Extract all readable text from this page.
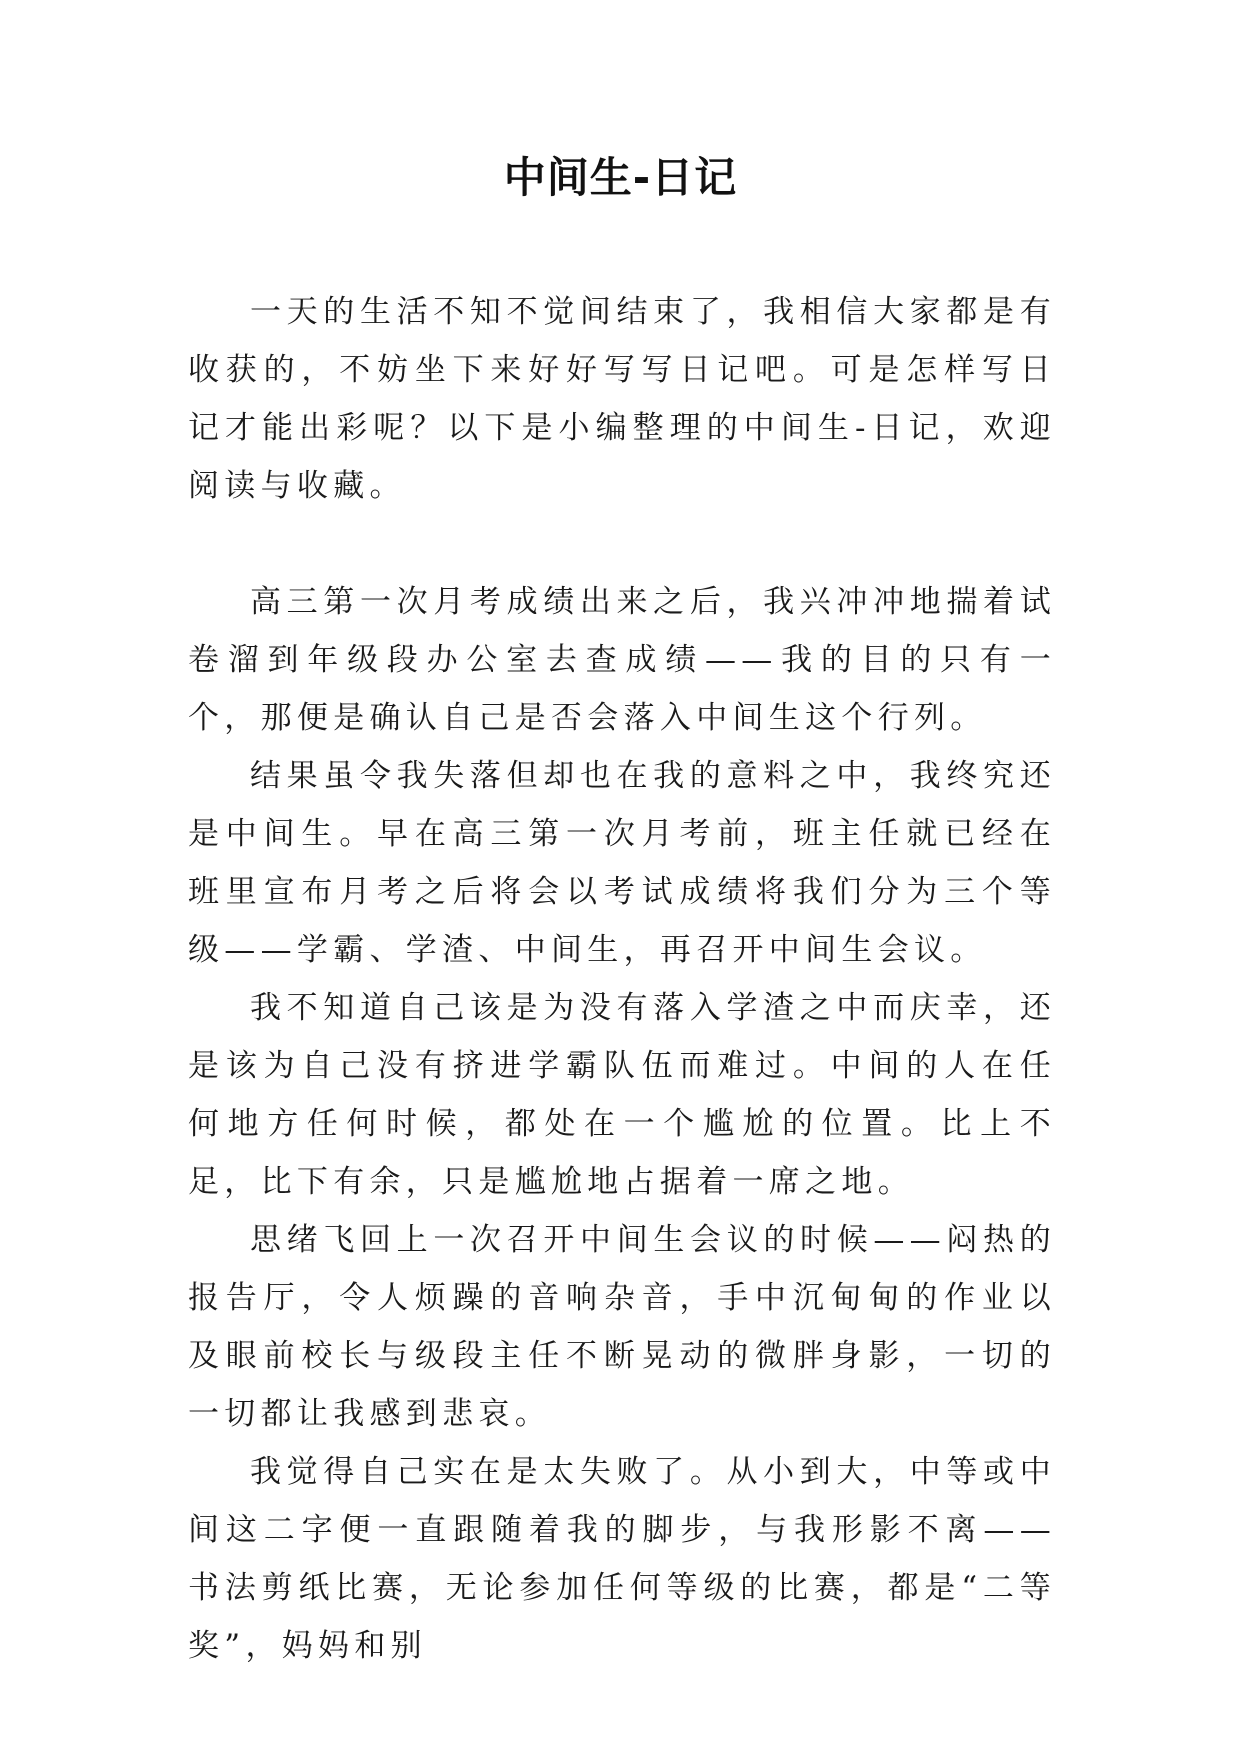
中间生-日记

一天的生活不知不觉间结束了，我相信大家都是有收获的，不妨坐下来好好写写日记吧。可是怎样写日记才能出彩呢？以下是小编整理的中间生-日记，欢迎阅读与收藏。

高三第一次月考成绩出来之后，我兴冲冲地揣着试卷溜到年级段办公室去查成绩——我的目的只有一个，那便是确认自己是否会落入中间生这个行列。

结果虽令我失落但却也在我的意料之中，我终究还是中间生。早在高三第一次月考前，班主任就已经在班里宣布月考之后将会以考试成绩将我们分为三个等级——学霸、学渣、中间生，再召开中间生会议。

我不知道自己该是为没有落入学渣之中而庆幸，还是该为自己没有挤进学霸队伍而难过。中间的人在任何地方任何时候，都处在一个尴尬的位置。比上不足，比下有余，只是尴尬地占据着一席之地。

思绪飞回上一次召开中间生会议的时候——闷热的报告厅，令人烦躁的音响杂音，手中沉甸甸的作业以及眼前校长与级段主任不断晃动的微胖身影，一切的一切都让我感到悲哀。

我觉得自己实在是太失败了。从小到大，中等或中间这二字便一直跟随着我的脚步，与我形影不离——书法剪纸比赛，无论参加任何等级的比赛，都是“二等奖”，妈妈和别
